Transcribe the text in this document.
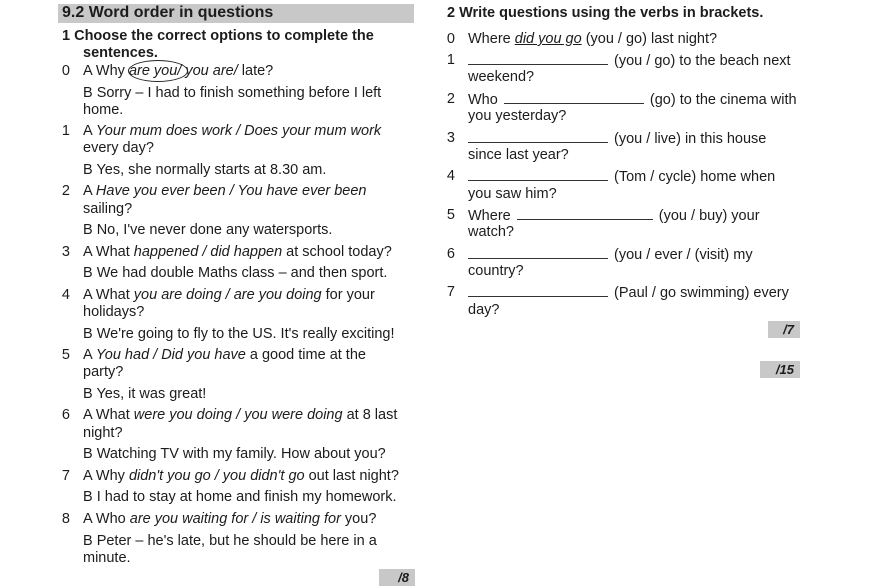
9.2 Word order in questions
1 Choose the correct options to complete the
sentences.
0 A Why are you/ you are/ late?
B Sorry – I had to finish something before I left
home.
1 A Your mum does work / Does your mum work
every day?
B Yes, she normally starts at 8.30 am.
2 A Have you ever been / You have ever been
sailing?
B No, I've never done any watersports.
3 A What happened / did happen at school today?
B We had double Maths class – and then sport.
4 A What you are doing / are you doing for your
holidays?
B We're going to fly to the US. It's really exciting!
5 A You had / Did you have a good time at the
party?
B Yes, it was great!
6 A What were you doing / you were doing at 8 last
night?
B Watching TV with my family. How about you?
7 A Why didn't you go / you didn't go out last night?
B I had to stay at home and finish my homework.
8 A Who are you waiting for / is waiting for you?
B Peter – he's late, but he should be here in a
minute.
/8
2 Write questions using the verbs in brackets.
0 Where did you go (you / go) last night?
1	(you / go) to the beach next
weekend?
2 Who	(go) to the cinema with
you yesterday?
3	(you / live) in this house
since last year?
4	(Tom / cycle) home when
you saw him?
5 Where	(you / buy) your
watch?
6	(you / ever / (visit) my
country?
7	(Paul / go swimming) every
day?
/7
/15
